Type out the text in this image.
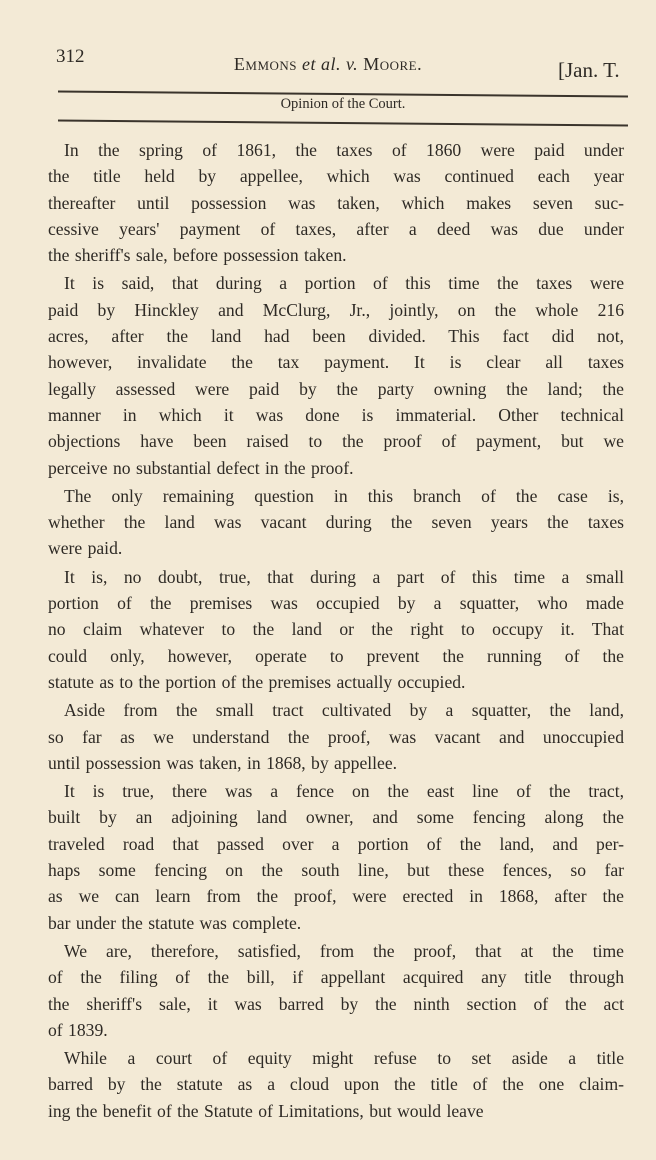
312	Emmons et al. v. Moore.	[Jan. T.
Opinion of the Court.
In the spring of 1861, the taxes of 1860 were paid under
the title held by appellee, which was continued each year
thereafter until possession was taken, which makes seven suc-
cessive years' payment of taxes, after a deed was due under
the sheriff's sale, before possession taken.
It is said, that during a portion of this time the taxes were
paid by Hinckley and McClurg, Jr., jointly, on the whole 216
acres, after the land had been divided. This fact did not,
however, invalidate the tax payment. It is clear all taxes
legally assessed were paid by the party owning the land; the
manner in which it was done is immaterial. Other technical
objections have been raised to the proof of payment, but we
perceive no substantial defect in the proof.
The only remaining question in this branch of the case is,
whether the land was vacant during the seven years the taxes
were paid.
It is, no doubt, true, that during a part of this time a small
portion of the premises was occupied by a squatter, who made
no claim whatever to the land or the right to occupy it. That
could only, however, operate to prevent the running of the
statute as to the portion of the premises actually occupied.
Aside from the small tract cultivated by a squatter, the land,
so far as we understand the proof, was vacant and unoccupied
until possession was taken, in 1868, by appellee.
It is true, there was a fence on the east line of the tract,
built by an adjoining land owner, and some fencing along the
traveled road that passed over a portion of the land, and per-
haps some fencing on the south line, but these fences, so far
as we can learn from the proof, were erected in 1868, after the
bar under the statute was complete.
We are, therefore, satisfied, from the proof, that at the time
of the filing of the bill, if appellant acquired any title through
the sheriff's sale, it was barred by the ninth section of the act
of 1839.
While a court of equity might refuse to set aside a title
barred by the statute as a cloud upon the title of the one claim-
ing the benefit of the Statute of Limitations, but would leave
